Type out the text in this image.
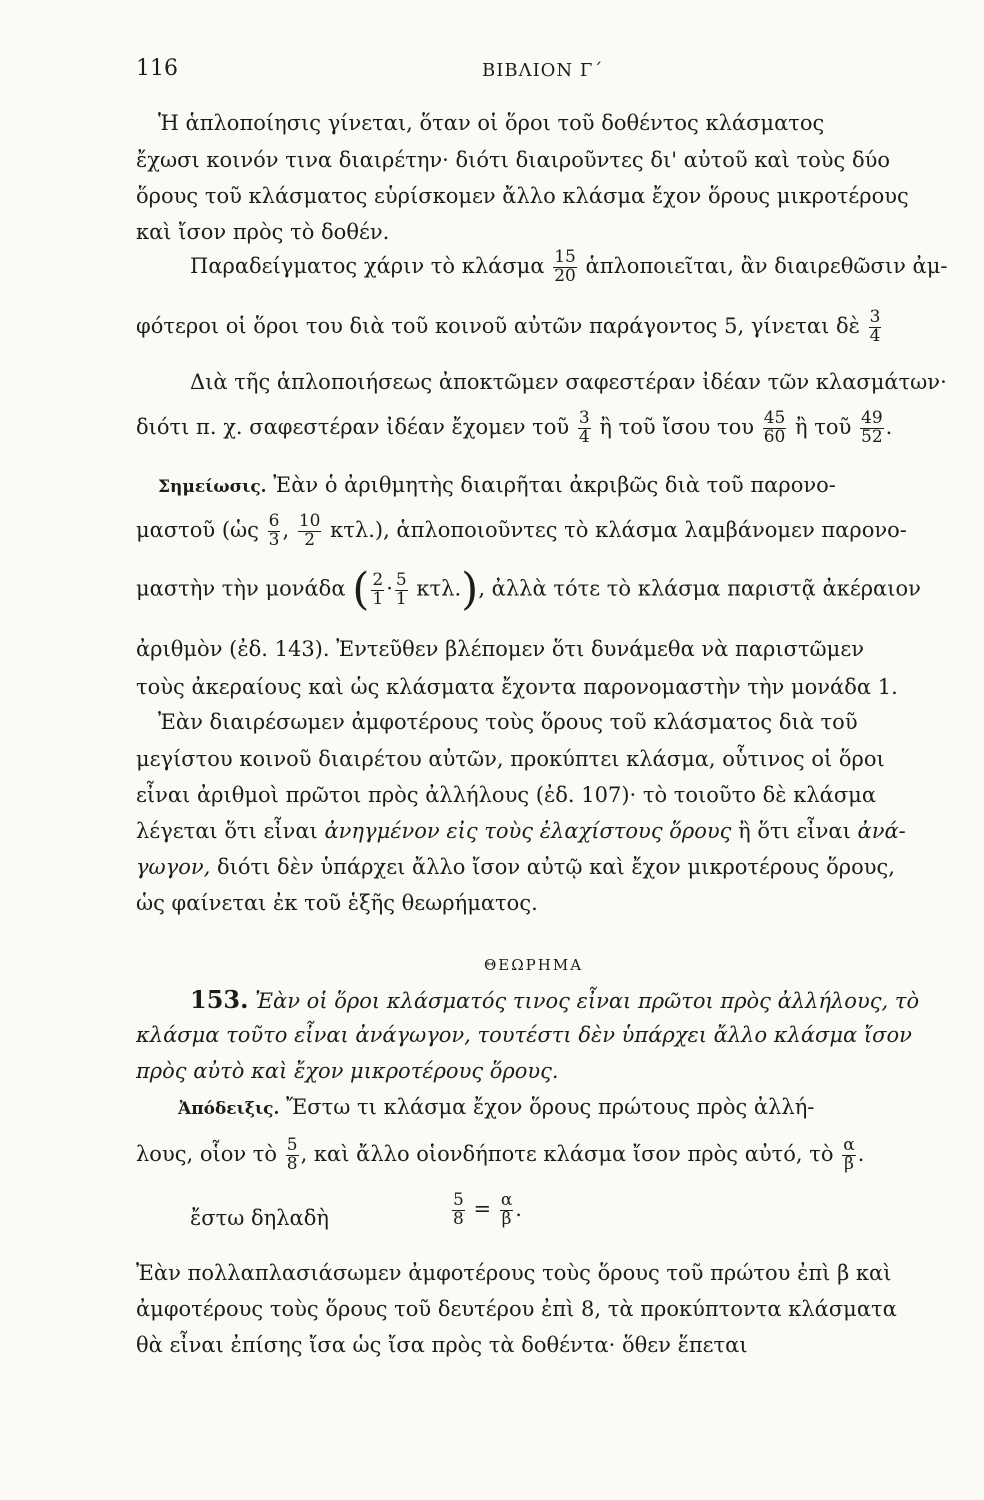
116	ΒΙΒΛΙΟΝ Γ΄
Ἡ ἁπλοποίησις γίνεται, ὅταν οἱ ὅροι τοῦ δοθέντος κλάσματος
ἔχωσι κοινόν τινα διαιρέτην· διότι διαιροῦντες δι' αὐτοῦ καὶ τοὺς δύο
ὅρους τοῦ κλάσματος εὑρίσκομεν ἄλλο κλάσμα ἔχον ὅρους μικροτέρους
καὶ ἴσον πρὸς τὸ δοθέν.
Παραδείγματος χάριν τὸ κλάσμα $\frac{15}{20}$ ἁπλοποιεῖται, ἂν διαιρεθῶσιν ἀμ-
φότεροι οἱ ὅροι του διὰ τοῦ κοινοῦ αὐτῶν παράγοντος 5, γίνεται δὲ $\frac{3}{4}$
Διὰ τῆς ἁπλοποιήσεως ἀποκτῶμεν σαφεστέραν ἰδέαν τῶν κλασμάτων·
διότι π. χ. σαφεστέραν ἰδέαν ἔχομεν τοῦ $\frac{3}{4}$ ἢ τοῦ ἴσου του $\frac{45}{60}$ ἢ τοῦ $\frac{49}{52}$ .
Σημείωσις. Ἐὰν ὁ ἀριθμητὴς διαιρῆται ἀκριβῶς διὰ τοῦ παρονο-
μαστοῦ (ὡς $\frac{6}{3}$ , $\frac{10}{2} \kappa\tau\lambda$.), ἁπλοποιοῦντες τὸ κλάσμα λαμβάνομεν παρονο-
μαστὴν τὴν μονάδα ( $\frac{2}{1} \cdot \frac{5}{1} \kappa\tau\lambda$.), ἀλλὰ τότε τὸ κλάσμα παριστᾷ ἀκέραιον
ἀριθμὸν (ἐδ. 143). Ἐντεῦθεν βλέπομεν ὅτι δυνάμεθα νὰ παριστῶμεν
τοὺς ἀκεραίους καὶ ὡς κλάσματα ἔχοντα παρονομαστὴν τὴν μονάδα 1.
Ἐὰν διαιρέσωμεν ἀμφοτέρους τοὺς ὅρους τοῦ κλάσματος διὰ τοῦ
μεγίστου κοινοῦ διαιρέτου αὐτῶν, προκύπτει κλάσμα, οὗτινος οἱ ὅροι
εἶναι ἀριθμοὶ πρῶτοι πρὸς ἀλλήλους (ἐδ. 107)· τὸ τοιοῦτο δὲ κλάσμα
λέγεται ὅτι εἶναι ἀνηγμένον εἰς τοὺς ἐλαχίστους ὅρους ἢ ὅτι εἶναι ἀνά-
γωγον, διότι δὲν ὑπάρχει ἄλλο ἴσον αὐτῷ καὶ ἔχον μικροτέρους ὅρους,
ὡς φαίνεται ἐκ τοῦ ἑξῆς θεωρήματος.
ΘΕΩΡΗΜΑ
153. Ἐὰν οἱ ὅροι κλάσματός τινος εἶναι πρῶτοι πρὸς ἀλλήλους, τὸ
κλάσμα τοῦτο εἶναι ἀνάγωγον, τουτέστι δὲν ὑπάρχει ἄλλο κλάσμα ἴσον
πρὸς αὐτὸ καὶ ἔχον μικροτέρους ὅρους.
Ἀπόδειξις. Ἔστω τι κλάσμα ἔχον ὅρους πρώτους πρὸς ἀλλή-
λους, οἷον τὸ $\frac{5}{8}$ , καὶ ἄλλο οἱονδήποτε κλάσμα ἴσον πρὸς αὐτό, τὸ $\frac{\alpha}{\beta}$ .
ἔστω δηλαδὴ	$\frac{5}{8} = \frac{\alpha}{\beta}$ .
Ἐὰν πολλαπλασιάσωμεν ἀμφοτέρους τοὺς ὅρους τοῦ πρώτου ἐπὶ β καὶ
ἀμφοτέρους τοὺς ὅρους τοῦ δευτέρου ἐπὶ 8, τὰ προκύπτοντα κλάσματα
θὰ εἶναι ἐπίσης ἴσα ὡς ἴσα πρὸς τὰ δοθέντα· ὅθεν ἕπεται
